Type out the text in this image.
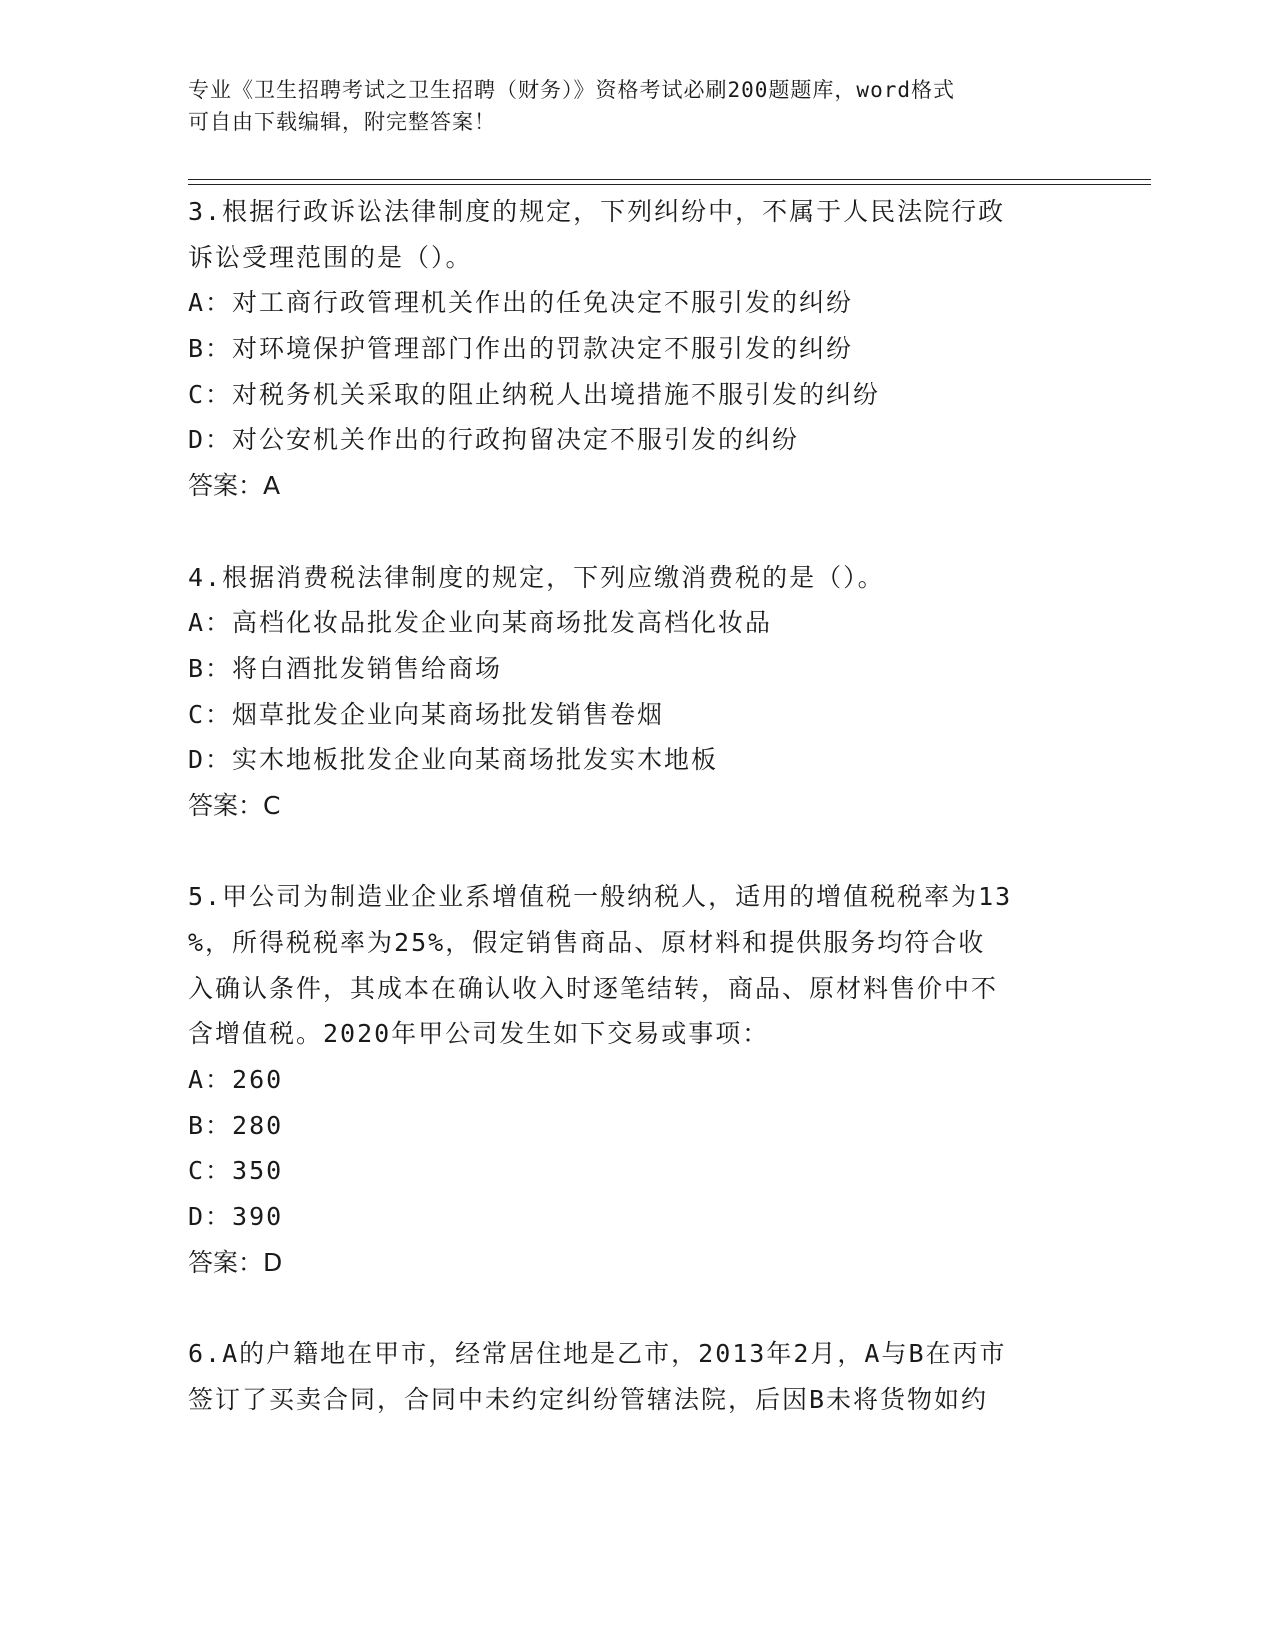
专业《卫生招聘考试之卫生招聘（财务）》资格考试必刷200题题库，word格式
可自由下载编辑，附完整答案！
3.根据行政诉讼法律制度的规定，下列纠纷中，不属于人民法院行政
诉讼受理范围的是（）。
A：对工商行政管理机关作出的任免决定不服引发的纠纷
B：对环境保护管理部门作出的罚款决定不服引发的纠纷
C：对税务机关采取的阻止纳税人出境措施不服引发的纠纷
D：对公安机关作出的行政拘留决定不服引发的纠纷
答案：A
4.根据消费税法律制度的规定，下列应缴消费税的是（）。
A：高档化妆品批发企业向某商场批发高档化妆品
B：将白酒批发销售给商场
C：烟草批发企业向某商场批发销售卷烟
D：实木地板批发企业向某商场批发实木地板
答案：C
5.甲公司为制造业企业系增值税一般纳税人，适用的增值税税率为13
%，所得税税率为25%，假定销售商品、原材料和提供服务均符合收
入确认条件，其成本在确认收入时逐笔结转，商品、原材料售价中不
含增值税。2020年甲公司发生如下交易或事项：
A：260
B：280
C：350
D：390
答案：D
6.A的户籍地在甲市，经常居住地是乙市，2013年2月，A与B在丙市
签订了买卖合同，合同中未约定纠纷管辖法院，后因B未将货物如约
